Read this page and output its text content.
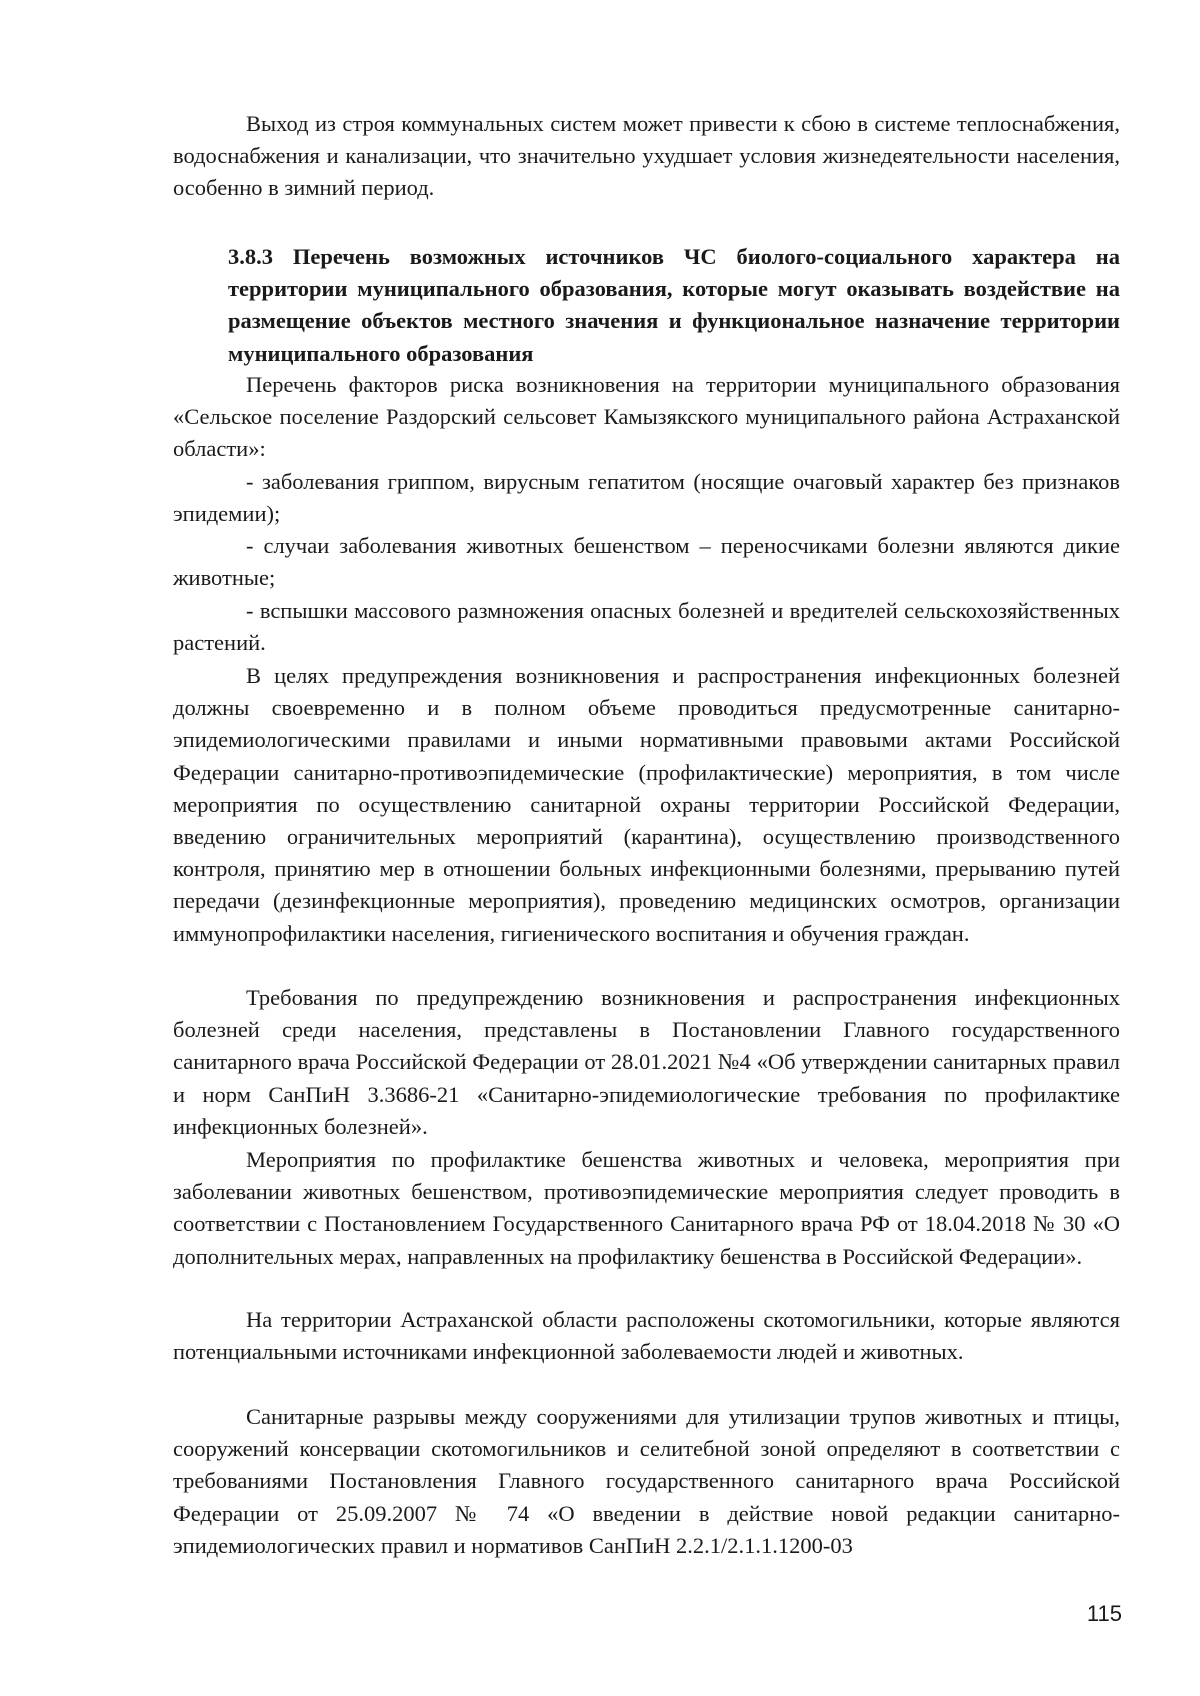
Выход из строя коммунальных систем может привести к сбою в системе теплоснабжения, водоснабжения и канализации, что значительно ухудшает условия жизнедеятельности населения, особенно в зимний период.

3.8.3 Перечень возможных источников ЧС биолого-социального характера на территории муниципального образования, которые могут оказывать воздействие на размещение объектов местного значения и функциональное назначение территории муниципального образования

Перечень факторов риска возникновения на территории муниципального образования «Сельское поселение Раздорский сельсовет Камызякского муниципального района Астраханской области»:

- заболевания гриппом, вирусным гепатитом (носящие очаговый характер без признаков эпидемии);

- случаи заболевания животных бешенством – переносчиками болезни являются дикие животные;

- вспышки массового размножения опасных болезней и вредителей сельскохозяйственных растений.

В целях предупреждения возникновения и распространения инфекционных болезней должны своевременно и в полном объеме проводиться предусмотренные санитарно-эпидемиологическими правилами и иными нормативными правовыми актами Российской Федерации санитарно-противоэпидемические (профилактические) мероприятия, в том числе мероприятия по осуществлению санитарной охраны территории Российской Федерации, введению ограничительных мероприятий (карантина), осуществлению производственного контроля, принятию мер в отношении больных инфекционными болезнями, прерыванию путей передачи (дезинфекционные мероприятия), проведению медицинских осмотров, организации иммунопрофилактики населения, гигиенического воспитания и обучения граждан.

Требования по предупреждению возникновения и распространения инфекционных болезней среди населения, представлены в Постановлении Главного государственного санитарного врача Российской Федерации от 28.01.2021 №4 «Об утверждении санитарных правил и норм СанПиН 3.3686-21 «Санитарно-эпидемиологические требования по профилактике инфекционных болезней».

Мероприятия по профилактике бешенства животных и человека, мероприятия при заболевании животных бешенством, противоэпидемические мероприятия следует проводить в соответствии с Постановлением Государственного Санитарного врача РФ от 18.04.2018 № 30 «О дополнительных мерах, направленных на профилактику бешенства в Российской Федерации».

На территории Астраханской области расположены скотомогильники, которые являются потенциальными источниками инфекционной заболеваемости людей и животных.

Санитарные разрывы между сооружениями для утилизации трупов животных и птицы, сооружений консервации скотомогильников и селитебной зоной определяют в соответствии с требованиями Постановления Главного государственного санитарного врача Российской Федерации от 25.09.2007 № 74 «О введении в действие новой редакции санитарно-эпидемиологических правил и нормативов СанПиН 2.2.1/2.1.1.1200-03

115
